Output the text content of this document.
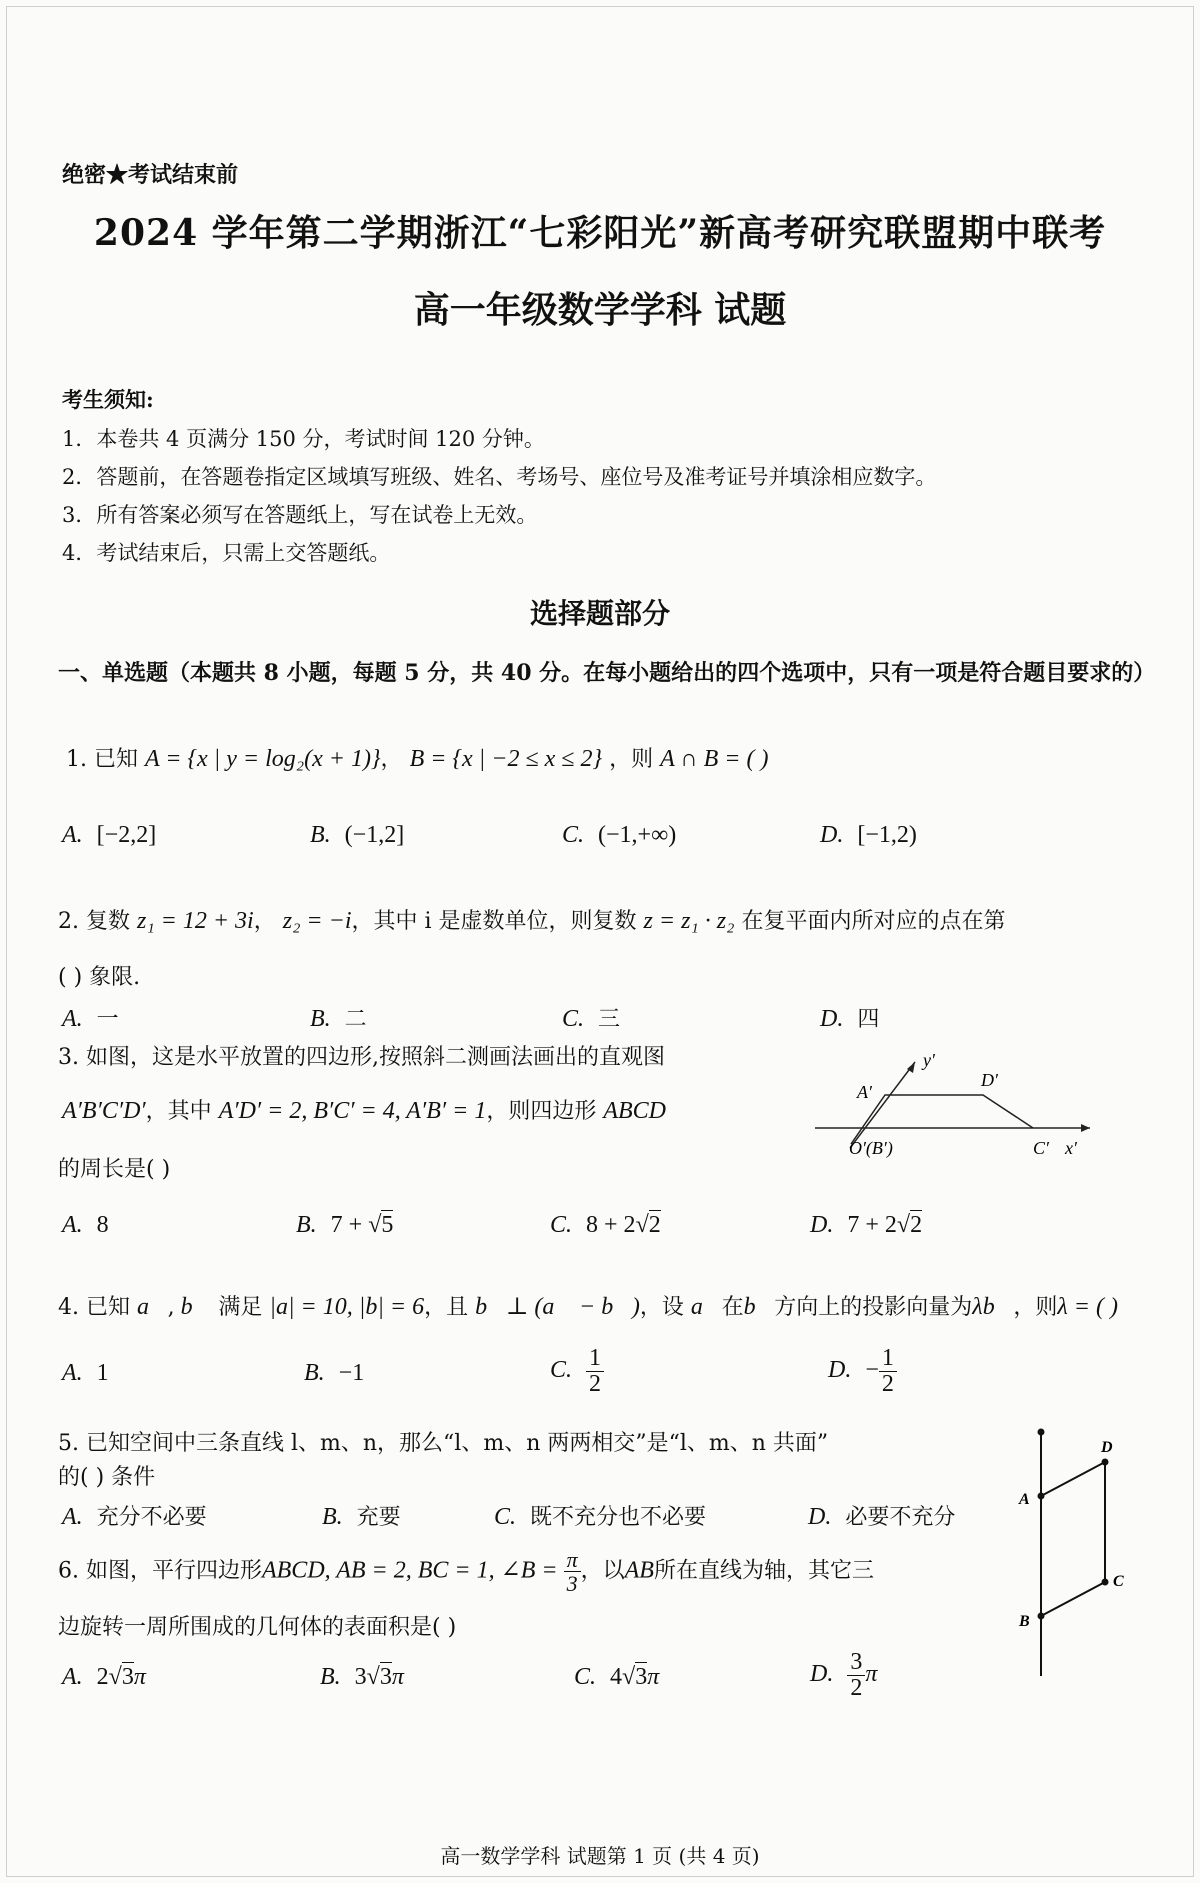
绝密★考试结束前
2024 学年第二学期浙江“七彩阳光”新高考研究联盟期中联考
高一年级数学学科 试题
考生须知:
1．本卷共 4 页满分 150 分，考试时间 120 分钟。
2．答题前，在答题卷指定区域填写班级、姓名、考场号、座位号及准考证号并填涂相应数字。
3．所有答案必须写在答题纸上，写在试卷上无效。
4．考试结束后，只需上交答题纸。
选择题部分
一、单选题（本题共 8 小题，每题 5 分，共 40 分。在每小题给出的四个选项中，只有一项是符合题目要求的）
1. 已知 A = {x | y = log₂(x + 1)}， B = {x | −2 ≤ x ≤ 2} ，则 A ∩ B = ( )
A. [−2,2]	B. (−1,2]	C. (−1,+∞)	D. [−1,2)
2. 复数 z₁ = 12 + 3i， z₂ = −i，其中 i 是虚数单位，则复数 z = z₁ · z₂ 在复平面内所对应的点在第
( ) 象限.
A. 一	B. 二	C. 三	D. 四
3. 如图，这是水平放置的四边形,按照斜二测画法画出的直观图
A′B′C′D′，其中 A′D′ = 2, B′C′ = 4, A′B′ = 1，则四边形 ABCD
的周长是( )
y′
A′
D′
O′(B′)	C′ x′
A. 8	B. 7 + √5	C. 8 + 2√2	D. 7 + 2√2
4. 已知 a⃗, b⃗ 满足 |a| = 10, |b| = 6，且 b⃗⊥ (a⃗ − b⃗)，设 a⃗在b⃗方向上的投影向量为λb⃗，则λ = ( )
A. 1	B. −1	C. $\frac{1}{2}$	D. − $\frac{1}{2}$
5. 已知空间中三条直线 l、m、n，那么“l、m、n 两两相交”是“l、m、n 共面”
的( ) 条件
A. 充分不必要	B. 充要	C. 既不充分也不必要	D. 必要不充分
6. 如图，平行四边形ABCD, AB = 2, BC = 1, ∠B = $\frac{\pi}{3}$ ，以AB所在直线为轴，其它三
边旋转一周所围成的几何体的表面积是( )
D
A
C
B
A. 2√3π	B. 3√3π	C. 4√3π	D. $\frac{3}{2}$ π
高一数学学科 试题第 1 页 (共 4 页)
